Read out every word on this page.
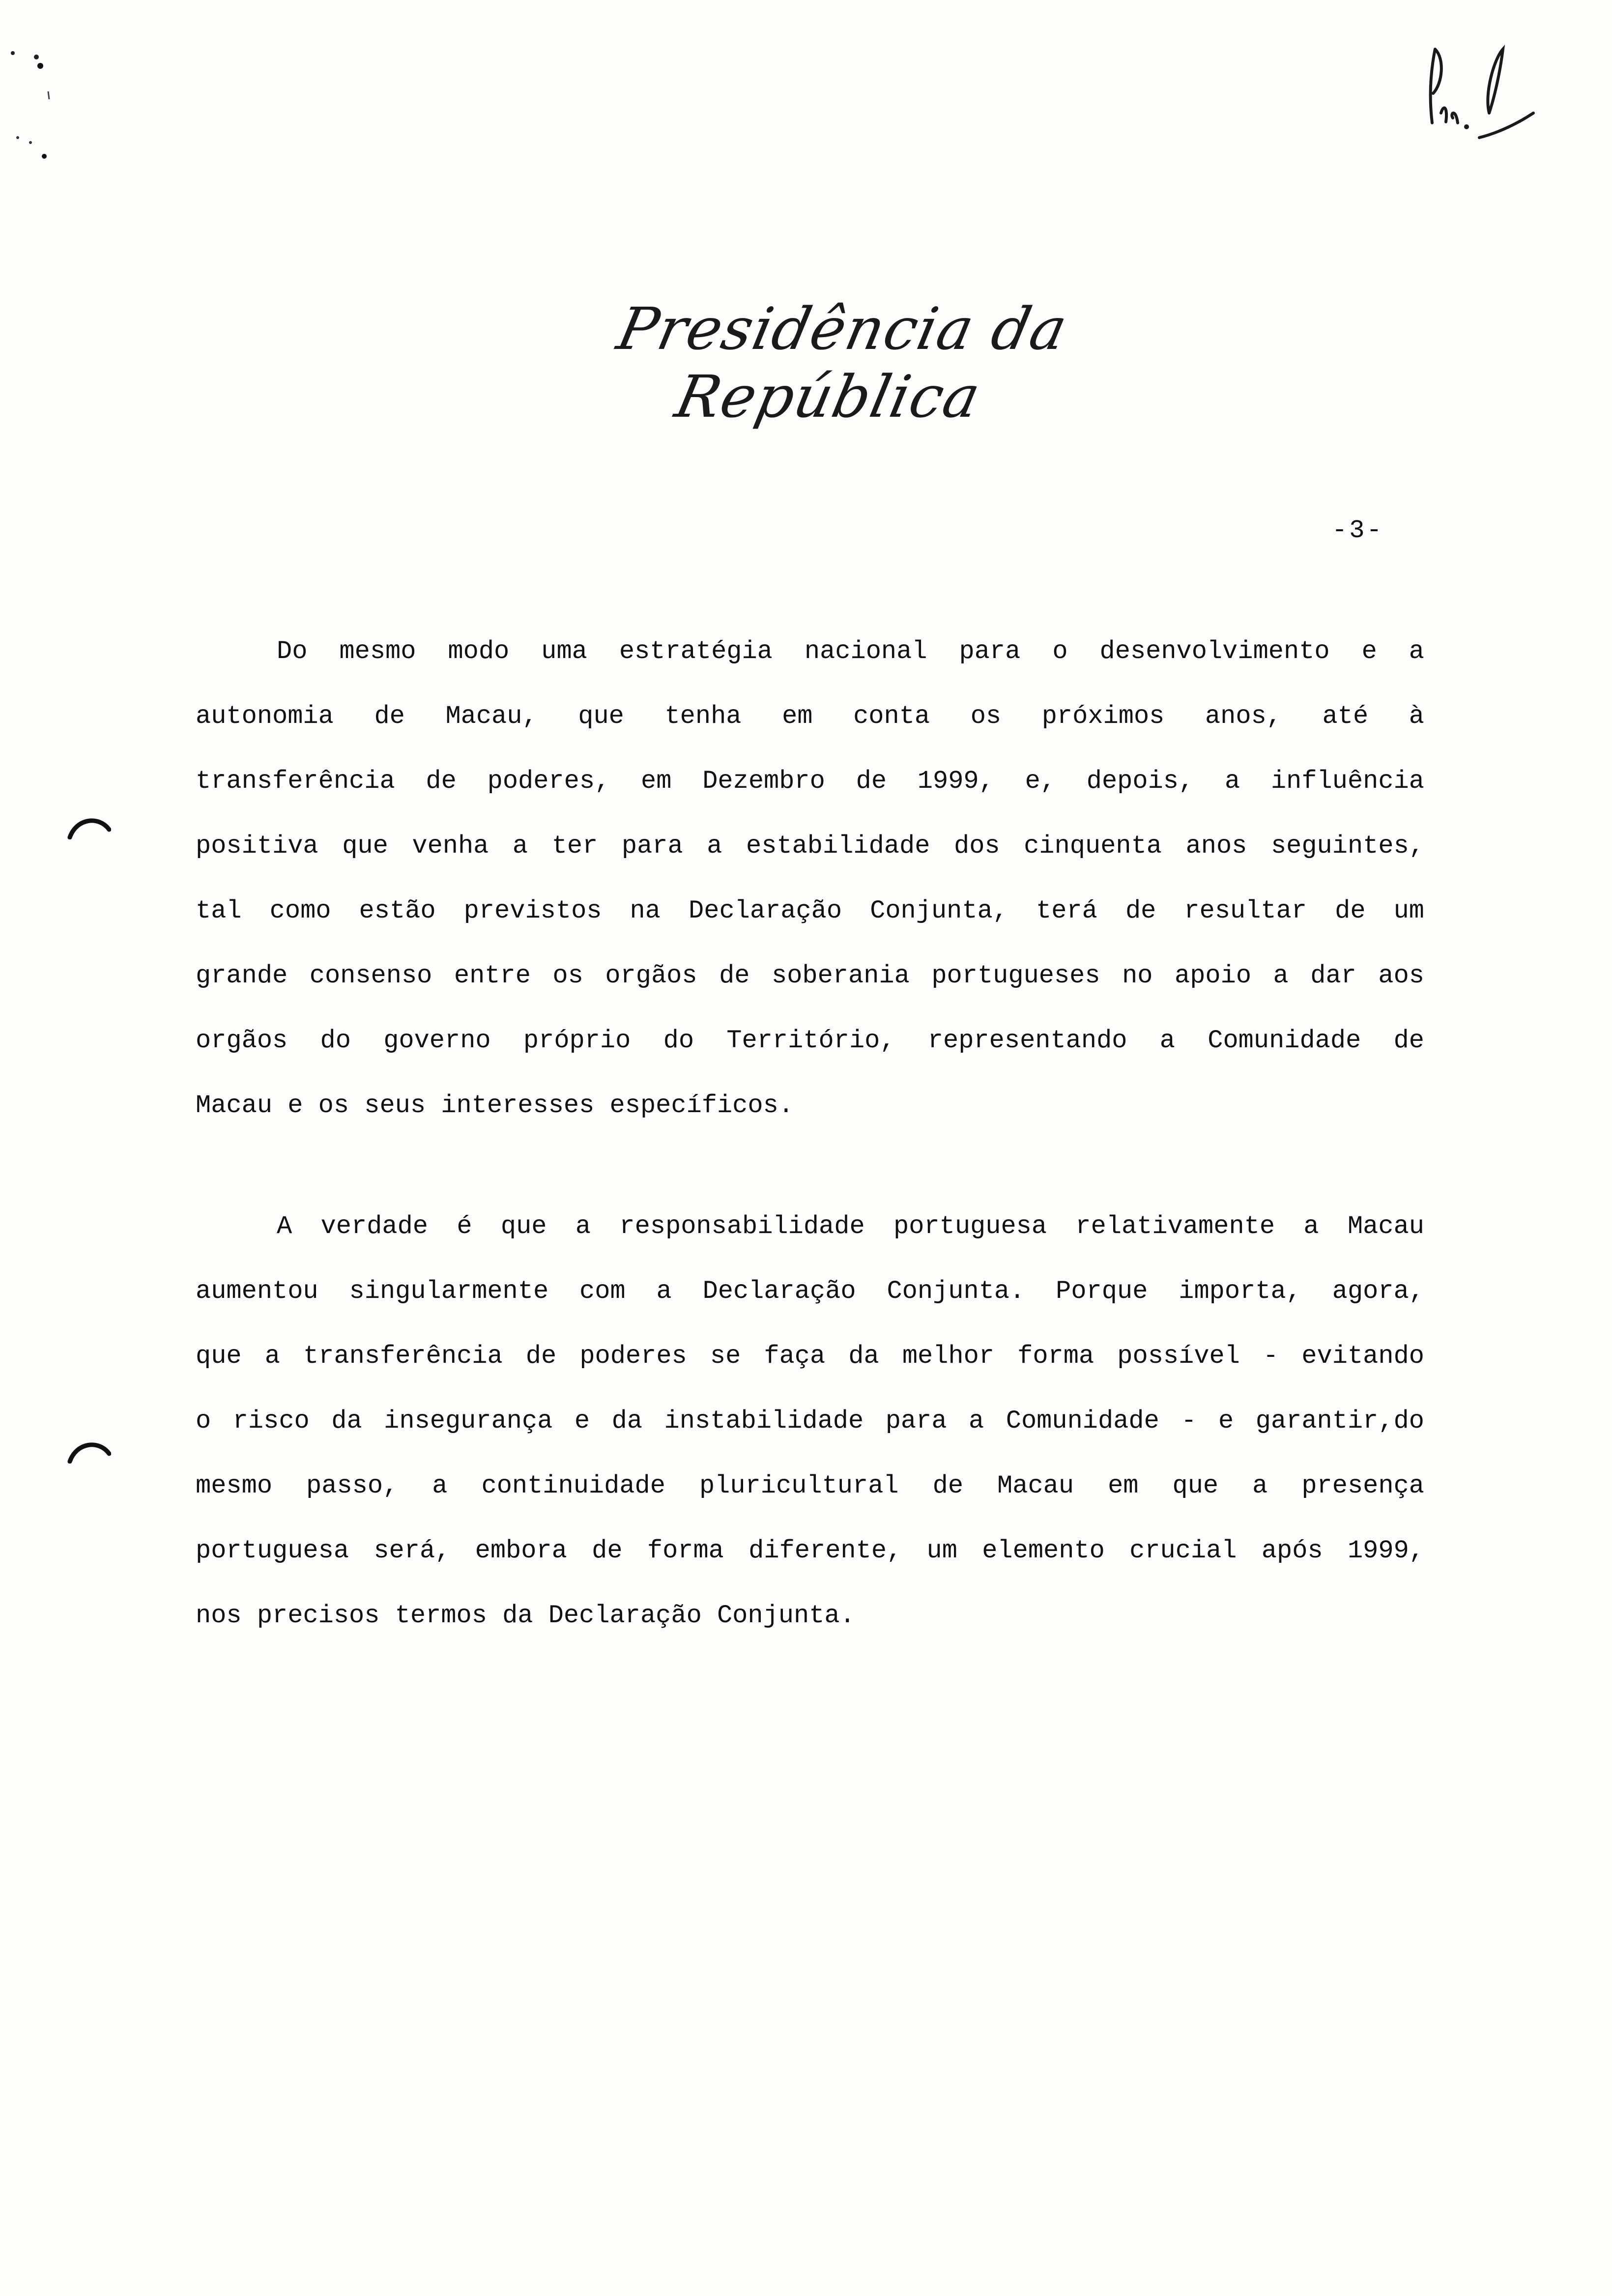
Presidência da República
-3-
Do mesmo modo uma estratégia nacional para o desenvolvimento e a
autonomia de Macau, que tenha em conta os próximos anos, até à
transferência de poderes, em Dezembro de 1999, e, depois, a influência
positiva que venha a ter para a estabilidade dos cinquenta anos seguintes,
tal como estão previstos na Declaração Conjunta, terá de resultar de um
grande consenso entre os orgãos de soberania portugueses no apoio a dar aos
orgãos do governo próprio do Território, representando a Comunidade de
Macau e os seus interesses específicos.
A verdade é que a responsabilidade portuguesa relativamente a Macau
aumentou singularmente com a Declaração Conjunta. Porque importa, agora,
que a transferência de poderes se faça da melhor forma possível - evitando
o risco da insegurança e da instabilidade para a Comunidade - e garantir,do
mesmo passo, a continuidade pluricultural de Macau em que a presença
portuguesa será, embora de forma diferente, um elemento crucial após 1999,
nos precisos termos da Declaração Conjunta.
